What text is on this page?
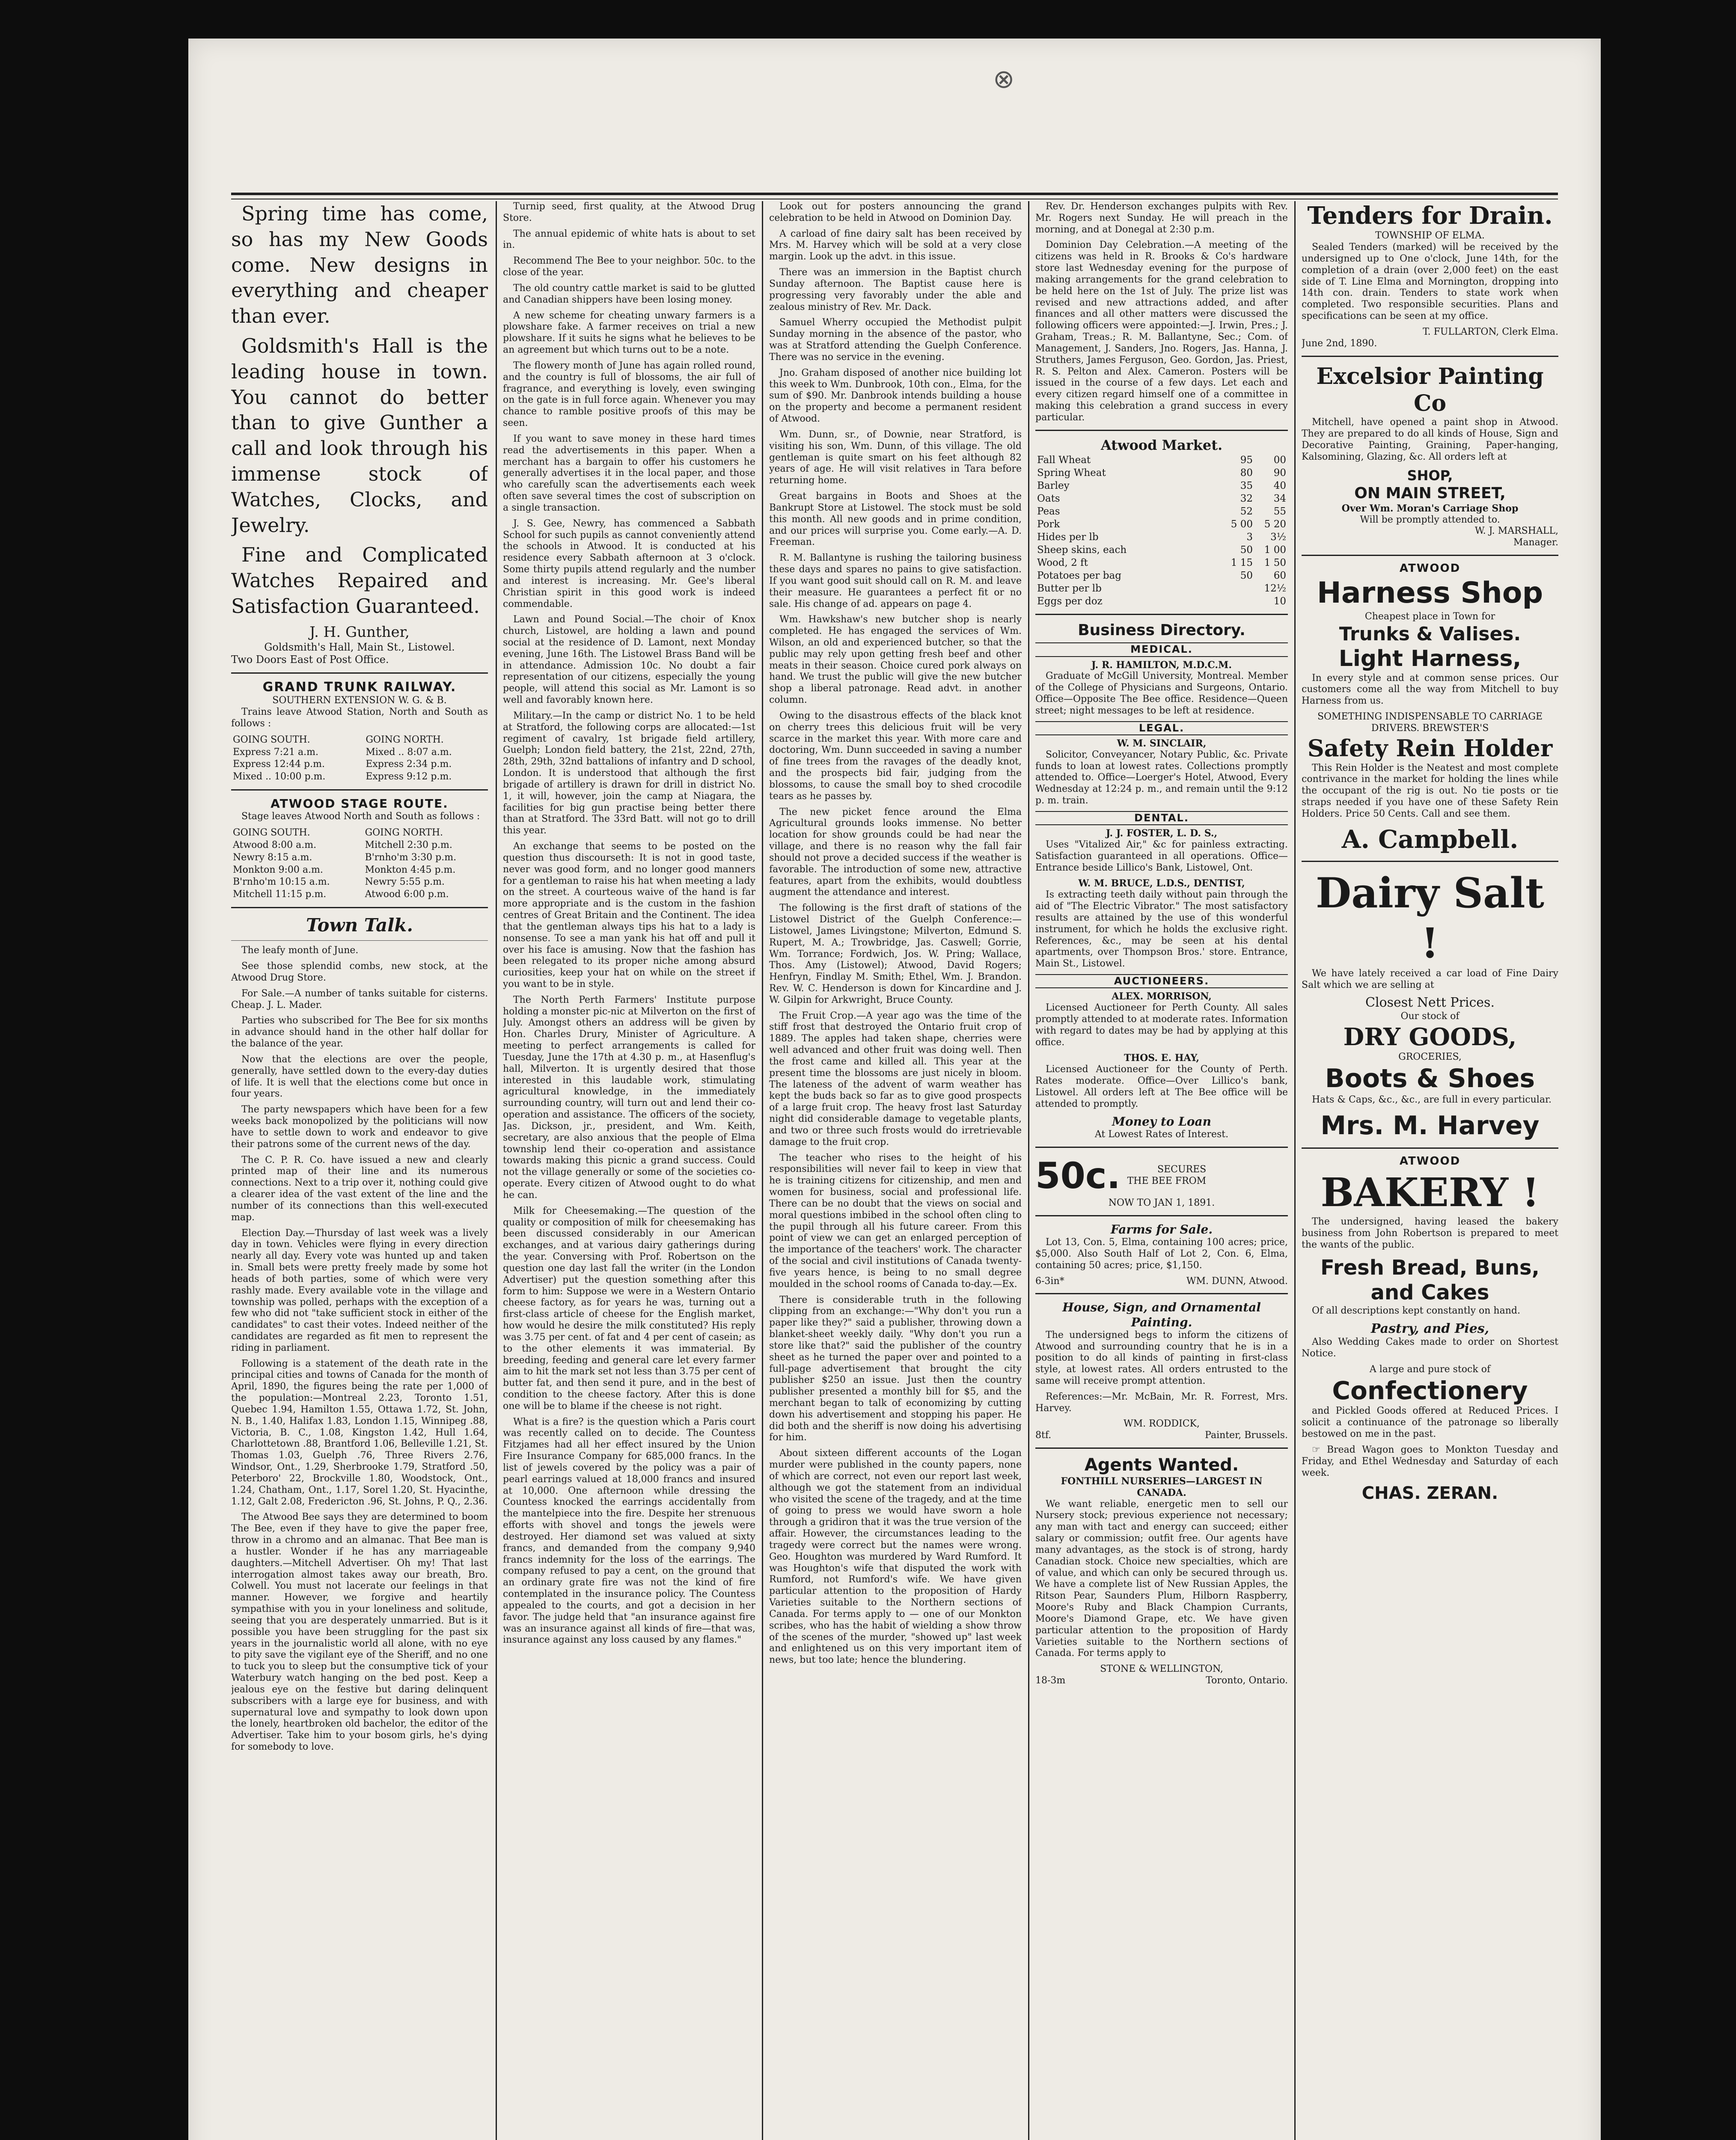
⊗

Spring time has come, so has my New Goods come. New designs in everything and cheaper than ever.

Goldsmith's Hall is the leading house in town. You cannot do better than to give Gunther a call and look through his immense stock of Watches, Clocks, and Jewelry.

Fine and Complicated Watches Repaired and Satisfaction Guaranteed.

J. H. Gunther,
Goldsmith's Hall, Main St., Listowel.
Two Doors East of Post Office.
GRAND TRUNK RAILWAY.
SOUTHERN EXTENSION W. G. & B.

Trains leave Atwood Station, North and South as follows :

GOING SOUTH.	GOING NORTH.
Express 7:21 a.m.	Mixed .. 8:07 a.m.
Express 12:44 p.m.	Express 2:34 p.m.
Mixed .. 10:00 p.m.	Express 9:12 p.m.
ATWOOD STAGE ROUTE.

Stage leaves Atwood North and South as follows :

GOING SOUTH.	GOING NORTH.
Atwood 8:00 a.m.	Mitchell 2:30 p.m.
Newry 8:15 a.m.	B'rnho'm 3:30 p.m.
Monkton 9:00 a.m.	Monkton 4:45 p.m.
B'rnho'm 10:15 a.m.	Newry 5:55 p.m.
Mitchell 11:15 p.m.	Atwood 6:00 p.m.
Town Talk.

The leafy month of June.

See those splendid combs, new stock, at the Atwood Drug Store.

For Sale.—A number of tanks suitable for cisterns. Cheap. J. L. Mader.

Parties who subscribed for The Bee for six months in advance should hand in the other half dollar for the balance of the year.

Now that the elections are over the people, generally, have settled down to the every-day duties of life. It is well that the elections come but once in four years.

The party newspapers which have been for a few weeks back monopolized by the politicians will now have to settle down to work and endeavor to give their patrons some of the current news of the day.

The C. P. R. Co. have issued a new and clearly printed map of their line and its numerous connections. Next to a trip over it, nothing could give a clearer idea of the vast extent of the line and the number of its connections than this well-executed map.

Election Day.—Thursday of last week was a lively day in town. Vehicles were flying in every direction nearly all day. Every vote was hunted up and taken in. Small bets were pretty freely made by some hot heads of both parties, some of which were very rashly made. Every available vote in the village and township was polled, perhaps with the exception of a few who did not "take sufficient stock in either of the candidates" to cast their votes. Indeed neither of the candidates are regarded as fit men to represent the riding in parliament.

Following is a statement of the death rate in the principal cities and towns of Canada for the month of April, 1890, the figures being the rate per 1,000 of the population:—Montreal 2.23, Toronto 1.51, Quebec 1.94, Hamilton 1.55, Ottawa 1.72, St. John, N. B., 1.40, Halifax 1.83, London 1.15, Winnipeg .88, Victoria, B. C., 1.08, Kingston 1.42, Hull 1.64, Charlottetown .88, Brantford 1.06, Belleville 1.21, St. Thomas 1.03, Guelph .76, Three Rivers 2.76, Windsor, Ont., 1.29, Sherbrooke 1.79, Stratford .50, Peterboro' 22, Brockville 1.80, Woodstock, Ont., 1.24, Chatham, Ont., 1.17, Sorel 1.20, St. Hyacinthe, 1.12, Galt 2.08, Fredericton .96, St. Johns, P. Q., 2.36.

The Atwood Bee says they are determined to boom The Bee, even if they have to give the paper free, throw in a chromo and an almanac. That Bee man is a hustler. Wonder if he has any marriageable daughters.—Mitchell Advertiser. Oh my! That last interrogation almost takes away our breath, Bro. Colwell. You must not lacerate our feelings in that manner. However, we forgive and heartily sympathise with you in your loneliness and solitude, seeing that you are desperately unmarried. But is it possible you have been struggling for the past six years in the journalistic world all alone, with no eye to pity save the vigilant eye of the Sheriff, and no one to tuck you to sleep but the consumptive tick of your Waterbury watch hanging on the bed post. Keep a jealous eye on the festive but daring delinquent subscribers with a large eye for business, and with supernatural love and sympathy to look down upon the lonely, heartbroken old bachelor, the editor of the Advertiser. Take him to your bosom girls, he's dying for somebody to love.

Turnip seed, first quality, at the Atwood Drug Store.

The annual epidemic of white hats is about to set in.

Recommend The Bee to your neighbor. 50c. to the close of the year.

The old country cattle market is said to be glutted and Canadian shippers have been losing money.

A new scheme for cheating unwary farmers is a plowshare fake. A farmer receives on trial a new plowshare. If it suits he signs what he believes to be an agreement but which turns out to be a note.

The flowery month of June has again rolled round, and the country is full of blossoms, the air full of fragrance, and everything is lovely, even swinging on the gate is in full force again. Whenever you may chance to ramble positive proofs of this may be seen.

If you want to save money in these hard times read the advertisements in this paper. When a merchant has a bargain to offer his customers he generally advertises it in the local paper, and those who carefully scan the advertisements each week often save several times the cost of subscription on a single transaction.

J. S. Gee, Newry, has commenced a Sabbath School for such pupils as cannot conveniently attend the schools in Atwood. It is conducted at his residence every Sabbath afternoon at 3 o'clock. Some thirty pupils attend regularly and the number and interest is increasing. Mr. Gee's liberal Christian spirit in this good work is indeed commendable.

Lawn and Pound Social.—The choir of Knox church, Listowel, are holding a lawn and pound social at the residence of D. Lamont, next Monday evening, June 16th. The Listowel Brass Band will be in attendance. Admission 10c. No doubt a fair representation of our citizens, especially the young people, will attend this social as Mr. Lamont is so well and favorably known here.

Military.—In the camp or district No. 1 to be held at Stratford, the following corps are allocated:—1st regiment of cavalry, 1st brigade field artillery, Guelph; London field battery, the 21st, 22nd, 27th, 28th, 29th, 32nd battalions of infantry and D school, London. It is understood that although the first brigade of artillery is drawn for drill in district No. 1, it will, however, join the camp at Niagara, the facilities for big gun practise being better there than at Stratford. The 33rd Batt. will not go to drill this year.

An exchange that seems to be posted on the question thus discourseth: It is not in good taste, never was good form, and no longer good manners for a gentleman to raise his hat when meeting a lady on the street. A courteous waive of the hand is far more appropriate and is the custom in the fashion centres of Great Britain and the Continent. The idea that the gentleman always tips his hat to a lady is nonsense. To see a man yank his hat off and pull it over his face is amusing. Now that the fashion has been relegated to its proper niche among absurd curiosities, keep your hat on while on the street if you want to be in style.

The North Perth Farmers' Institute purpose holding a monster pic-nic at Milverton on the first of July. Amongst others an address will be given by Hon. Charles Drury, Minister of Agriculture. A meeting to perfect arrangements is called for Tuesday, June the 17th at 4.30 p. m., at Hasenflug's hall, Milverton. It is urgently desired that those interested in this laudable work, stimulating agricultural knowledge, in the immediately surrounding country, will turn out and lend their co-operation and assistance. The officers of the society, Jas. Dickson, jr., president, and Wm. Keith, secretary, are also anxious that the people of Elma township lend their co-operation and assistance towards making this picnic a grand success. Could not the village generally or some of the societies co-operate. Every citizen of Atwood ought to do what he can.

Milk for Cheesemaking.—The question of the quality or composition of milk for cheesemaking has been discussed considerably in our American exchanges, and at various dairy gatherings during the year. Conversing with Prof. Robertson on the question one day last fall the writer (in the London Advertiser) put the question something after this form to him: Suppose we were in a Western Ontario cheese factory, as for years he was, turning out a first-class article of cheese for the English market, how would he desire the milk constituted? His reply was 3.75 per cent. of fat and 4 per cent of casein; as to the other elements it was immaterial. By breeding, feeding and general care let every farmer aim to hit the mark set not less than 3.75 per cent of butter fat, and then send it pure, and in the best of condition to the cheese factory. After this is done one will be to blame if the cheese is not right.

What is a fire? is the question which a Paris court was recently called on to decide. The Countess Fitzjames had all her effect insured by the Union Fire Insurance Company for 685,000 francs. In the list of jewels covered by the policy was a pair of pearl earrings valued at 18,000 francs and insured at 10,000. One afternoon while dressing the Countess knocked the earrings accidentally from the mantelpiece into the fire. Despite her strenuous efforts with shovel and tongs the jewels were destroyed. Her diamond set was valued at sixty francs, and demanded from the company 9,940 francs indemnity for the loss of the earrings. The company refused to pay a cent, on the ground that an ordinary grate fire was not the kind of fire contemplated in the insurance policy. The Countess appealed to the courts, and got a decision in her favor. The judge held that "an insurance against fire was an insurance against all kinds of fire—that was, insurance against any loss caused by any flames."

Look out for posters announcing the grand celebration to be held in Atwood on Dominion Day.

A carload of fine dairy salt has been received by Mrs. M. Harvey which will be sold at a very close margin. Look up the advt. in this issue.

There was an immersion in the Baptist church Sunday afternoon. The Baptist cause here is progressing very favorably under the able and zealous ministry of Rev. Mr. Dack.

Samuel Wherry occupied the Methodist pulpit Sunday morning in the absence of the pastor, who was at Stratford attending the Guelph Conference. There was no service in the evening.

Jno. Graham disposed of another nice building lot this week to Wm. Dunbrook, 10th con., Elma, for the sum of $90. Mr. Danbrook intends building a house on the property and become a permanent resident of Atwood.

Wm. Dunn, sr., of Downie, near Stratford, is visiting his son, Wm. Dunn, of this village. The old gentleman is quite smart on his feet although 82 years of age. He will visit relatives in Tara before returning home.

Great bargains in Boots and Shoes at the Bankrupt Store at Listowel. The stock must be sold this month. All new goods and in prime condition, and our prices will surprise you. Come early.—A. D. Freeman.

R. M. Ballantyne is rushing the tailoring business these days and spares no pains to give satisfaction. If you want good suit should call on R. M. and leave their measure. He guarantees a perfect fit or no sale. His change of ad. appears on page 4.

Wm. Hawkshaw's new butcher shop is nearly completed. He has engaged the services of Wm. Wilson, an old and experienced butcher, so that the public may rely upon getting fresh beef and other meats in their season. Choice cured pork always on hand. We trust the public will give the new butcher shop a liberal patronage. Read advt. in another column.

Owing to the disastrous effects of the black knot on cherry trees this delicious fruit will be very scarce in the market this year. With more care and doctoring, Wm. Dunn succeeded in saving a number of fine trees from the ravages of the deadly knot, and the prospects bid fair, judging from the blossoms, to cause the small boy to shed crocodile tears as he passes by.

The new picket fence around the Elma Agricultural grounds looks immense. No better location for show grounds could be had near the village, and there is no reason why the fall fair should not prove a decided success if the weather is favorable. The introduction of some new, attractive features, apart from the exhibits, would doubtless augment the attendance and interest.

The following is the first draft of stations of the Listowel District of the Guelph Conference:—Listowel, James Livingstone; Milverton, Edmund S. Rupert, M. A.; Trowbridge, Jas. Caswell; Gorrie, Wm. Torrance; Fordwich, Jos. W. Pring; Wallace, Thos. Amy (Listowel); Atwood, David Rogers; Henfryn, Findlay M. Smith; Ethel, Wm. J. Brandon. Rev. W. C. Henderson is down for Kincardine and J. W. Gilpin for Arkwright, Bruce County.

The Fruit Crop.—A year ago was the time of the stiff frost that destroyed the Ontario fruit crop of 1889. The apples had taken shape, cherries were well advanced and other fruit was doing well. Then the frost came and killed all. This year at the present time the blossoms are just nicely in bloom. The lateness of the advent of warm weather has kept the buds back so far as to give good prospects of a large fruit crop. The heavy frost last Saturday night did considerable damage to vegetable plants, and two or three such frosts would do irretrievable damage to the fruit crop.

The teacher who rises to the height of his responsibilities will never fail to keep in view that he is training citizens for citizenship, and men and women for business, social and professional life. There can be no doubt that the views on social and moral questions imbibed in the school often cling to the pupil through all his future career. From this point of view we can get an enlarged perception of the importance of the teachers' work. The character of the social and civil institutions of Canada twenty-five years hence, is being to no small degree moulded in the school rooms of Canada to-day.—Ex.

There is considerable truth in the following clipping from an exchange:—"Why don't you run a paper like they?" said a publisher, throwing down a blanket-sheet weekly daily. "Why don't you run a store like that?" said the publisher of the country sheet as he turned the paper over and pointed to a full-page advertisement that brought the city publisher $250 an issue. Just then the country publisher presented a monthly bill for $5, and the merchant began to talk of economizing by cutting down his advertisement and stopping his paper. He did both and the sheriff is now doing his advertising for him.

About sixteen different accounts of the Logan murder were published in the county papers, none of which are correct, not even our report last week, although we got the statement from an individual who visited the scene of the tragedy, and at the time of going to press we would have sworn a hole through a gridiron that it was the true version of the affair. However, the circumstances leading to the tragedy were correct but the names were wrong. Geo. Houghton was murdered by Ward Rumford. It was Houghton's wife that disputed the work with Rumford, not Rumford's wife. We have given particular attention to the proposition of Hardy Varieties suitable to the Northern sections of Canada. For terms apply to — one of our Monkton scribes, who has the habit of wielding a show throw of the scenes of the murder, "showed up" last week and enlightened us on this very important item of news, but too late; hence the blundering.

Rev. Dr. Henderson exchanges pulpits with Rev. Mr. Rogers next Sunday. He will preach in the morning, and at Donegal at 2:30 p.m.

Dominion Day Celebration.—A meeting of the citizens was held in R. Brooks & Co's hardware store last Wednesday evening for the purpose of making arrangements for the grand celebration to be held here on the 1st of July. The prize list was revised and new attractions added, and after finances and all other matters were discussed the following officers were appointed:—J. Irwin, Pres.; J. Graham, Treas.; R. M. Ballantyne, Sec.; Com. of Management, J. Sanders, Jno. Rogers, Jas. Hanna, J. Struthers, James Ferguson, Geo. Gordon, Jas. Priest, R. S. Pelton and Alex. Cameron. Posters will be issued in the course of a few days. Let each and every citizen regard himself one of a committee in making this celebration a grand success in every particular.

Atwood Market.
Fall Wheat	95	00
Spring Wheat	80	90
Barley	35	40
Oats	32	34
Peas	52	55
Pork	5 00	5 20
Hides per lb	3	3½
Sheep skins, each	50	1 00
Wood, 2 ft	1 15	1 50
Potatoes per bag	50	60
Butter per lb		12½
Eggs per doz		10
Business Directory.
MEDICAL.
J. R. HAMILTON, M.D.C.M.

Graduate of McGill University, Montreal. Member of the College of Physicians and Surgeons, Ontario. Office—Opposite The Bee office. Residence—Queen street; night messages to be left at residence.

LEGAL.
W. M. SINCLAIR,

Solicitor, Conveyancer, Notary Public, &c. Private funds to loan at lowest rates. Collections promptly attended to. Office—Loerger's Hotel, Atwood, Every Wednesday at 12:24 p. m., and remain until the 9:12 p. m. train.

DENTAL.
J. J. FOSTER, L. D. S.,

Uses "Vitalized Air," &c for painless extracting. Satisfaction guaranteed in all operations. Office—Entrance beside Lillico's Bank, Listowel, Ont.

W. M. BRUCE, L.D.S., DENTIST,

Is extracting teeth daily without pain through the aid of "The Electric Vibrator." The most satisfactory results are attained by the use of this wonderful instrument, for which he holds the exclusive right. References, &c., may be seen at his dental apartments, over Thompson Bros.' store. Entrance, Main St., Listowel.

AUCTIONEERS.
ALEX. MORRISON,

Licensed Auctioneer for Perth County. All sales promptly attended to at moderate rates. Information with regard to dates may be had by applying at this office.

THOS. E. HAY,

Licensed Auctioneer for the County of Perth. Rates moderate. Office—Over Lillico's bank, Listowel. All orders left at The Bee office will be attended to promptly.

Money to Loan
At Lowest Rates of Interest.
50c.	SECURES
THE BEE FROM
NOW TO JAN 1, 1891.
Farms for Sale.

Lot 13, Con. 5, Elma, containing 100 acres; price, $5,000. Also South Half of Lot 2, Con. 6, Elma, containing 50 acres; price, $1,150.

6-3in*	WM. DUNN, Atwood.
House, Sign, and Ornamental Painting.

The undersigned begs to inform the citizens of Atwood and surrounding country that he is in a position to do all kinds of painting in first-class style, at lowest rates. All orders entrusted to the same will receive prompt attention.

References:—Mr. McBain, Mr. R. Forrest, Mrs. Harvey.

WM. RODDICK,
8tf.	Painter, Brussels.
Agents Wanted.
FONTHILL NURSERIES—LARGEST IN CANADA.

We want reliable, energetic men to sell our Nursery stock; previous experience not necessary; any man with tact and energy can succeed; either salary or commission; outfit free. Our agents have many advantages, as the stock is of strong, hardy Canadian stock. Choice new specialties, which are of value, and which can only be secured through us. We have a complete list of New Russian Apples, the Ritson Pear, Saunders Plum, Hilborn Raspberry, Moore's Ruby and Black Champion Currants, Moore's Diamond Grape, etc. We have given particular attention to the proposition of Hardy Varieties suitable to the Northern sections of Canada. For terms apply to

STONE & WELLINGTON,
18-3m	Toronto, Ontario.
Tenders for Drain.
TOWNSHIP OF ELMA.

Sealed Tenders (marked) will be received by the undersigned up to One o'clock, June 14th, for the completion of a drain (over 2,000 feet) on the east side of T. Line Elma and Mornington, dropping into 14th con. drain. Tenders to state work when completed. Two responsible securities. Plans and specifications can be seen at my office.

T. FULLARTON, Clerk Elma.
June 2nd, 1890.
Excelsior Painting Co

Mitchell, have opened a paint shop in Atwood. They are prepared to do all kinds of House, Sign and Decorative Painting, Graining, Paper-hanging, Kalsomining, Glazing, &c. All orders left at

SHOP,
ON MAIN STREET,
Over Wm. Moran's Carriage Shop
Will be promptly attended to.
W. J. MARSHALL,
Manager.
ATWOOD
Harness Shop
Cheapest place in Town for
Trunks & Valises.
Light Harness,

In every style and at common sense prices. Our customers come all the way from Mitchell to buy Harness from us.

SOMETHING INDISPENSABLE TO CARRIAGE DRIVERS. BREWSTER'S
Safety Rein Holder

This Rein Holder is the Neatest and most complete contrivance in the market for holding the lines while the occupant of the rig is out. No tie posts or tie straps needed if you have one of these Safety Rein Holders. Price 50 Cents. Call and see them.

A. Campbell.
Dairy Salt !

We have lately received a car load of Fine Dairy Salt which we are selling at

Closest Nett Prices.
Our stock of
DRY GOODS,
GROCERIES,
Boots & Shoes

Hats & Caps, &c., &c., are full in every particular.

Mrs. M. Harvey
ATWOOD
BAKERY !

The undersigned, having leased the bakery business from John Robertson is prepared to meet the wants of the public.

Fresh Bread, Buns, and Cakes

Of all descriptions kept constantly on hand.

Pastry, and Pies,

Also Wedding Cakes made to order on Shortest Notice.

A large and pure stock of
Confectionery

and Pickled Goods offered at Reduced Prices. I solicit a continuance of the patronage so liberally bestowed on me in the past.

☞ Bread Wagon goes to Monkton Tuesday and Friday, and Ethel Wednesday and Saturday of each week.

CHAS. ZERAN.
